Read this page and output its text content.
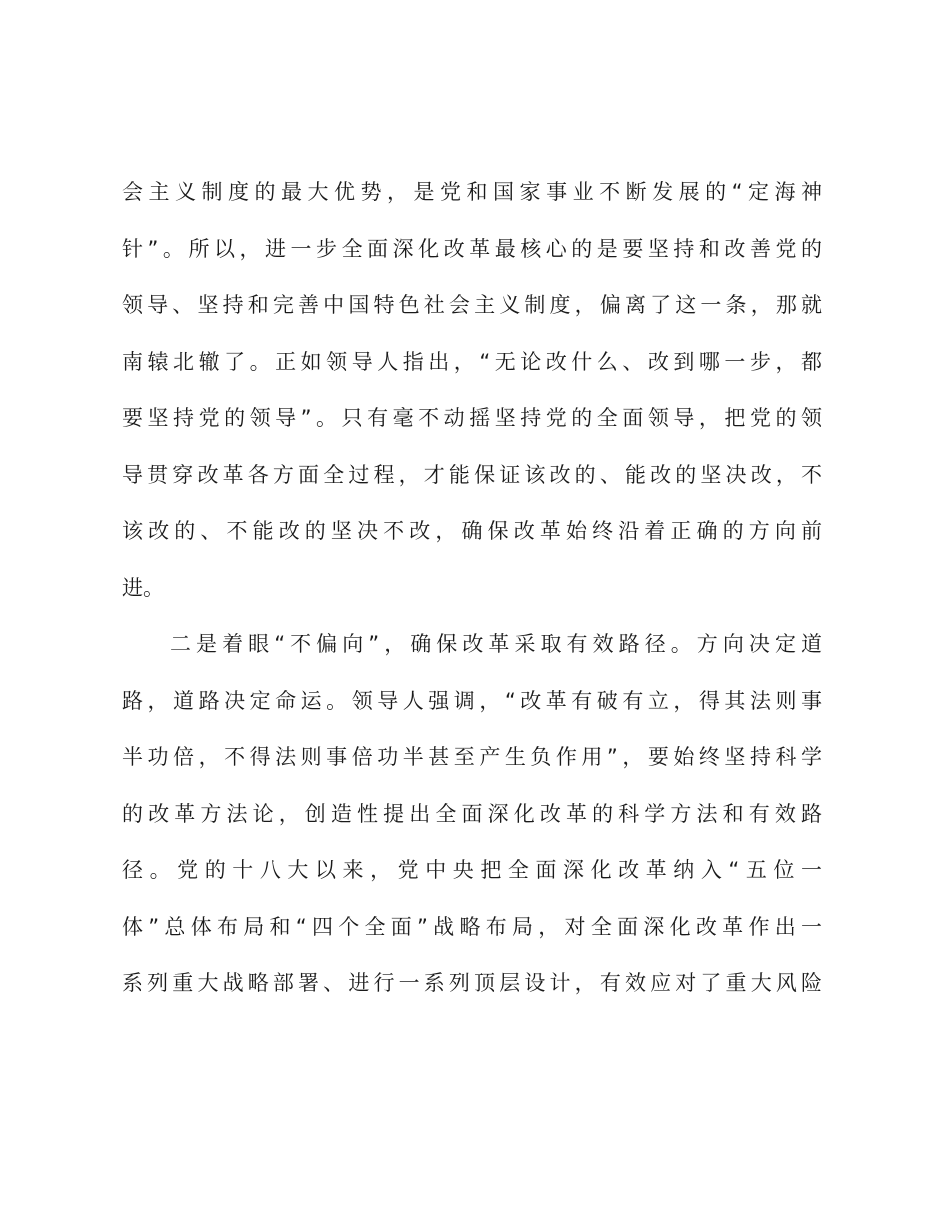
会主义制度的最大优势，是党和国家事业不断发展的“定海神
针”。所以，进一步全面深化改革最核心的是要坚持和改善党的
领导、坚持和完善中国特色社会主义制度，偏离了这一条，那就
南辕北辙了。正如领导人指出，“无论改什么、改到哪一步，都
要坚持党的领导”。只有毫不动摇坚持党的全面领导，把党的领
导贯穿改革各方面全过程，才能保证该改的、能改的坚决改，不
该改的、不能改的坚决不改，确保改革始终沿着正确的方向前
进。
二是着眼“不偏向”，确保改革采取有效路径。方向决定道
路，道路决定命运。领导人强调，“改革有破有立，得其法则事
半功倍，不得法则事倍功半甚至产生负作用”，要始终坚持科学
的改革方法论，创造性提出全面深化改革的科学方法和有效路
径。党的十八大以来，党中央把全面深化改革纳入“五位一
体”总体布局和“四个全面”战略布局，对全面深化改革作出一
系列重大战略部署、进行一系列顶层设计，有效应对了重大风险
